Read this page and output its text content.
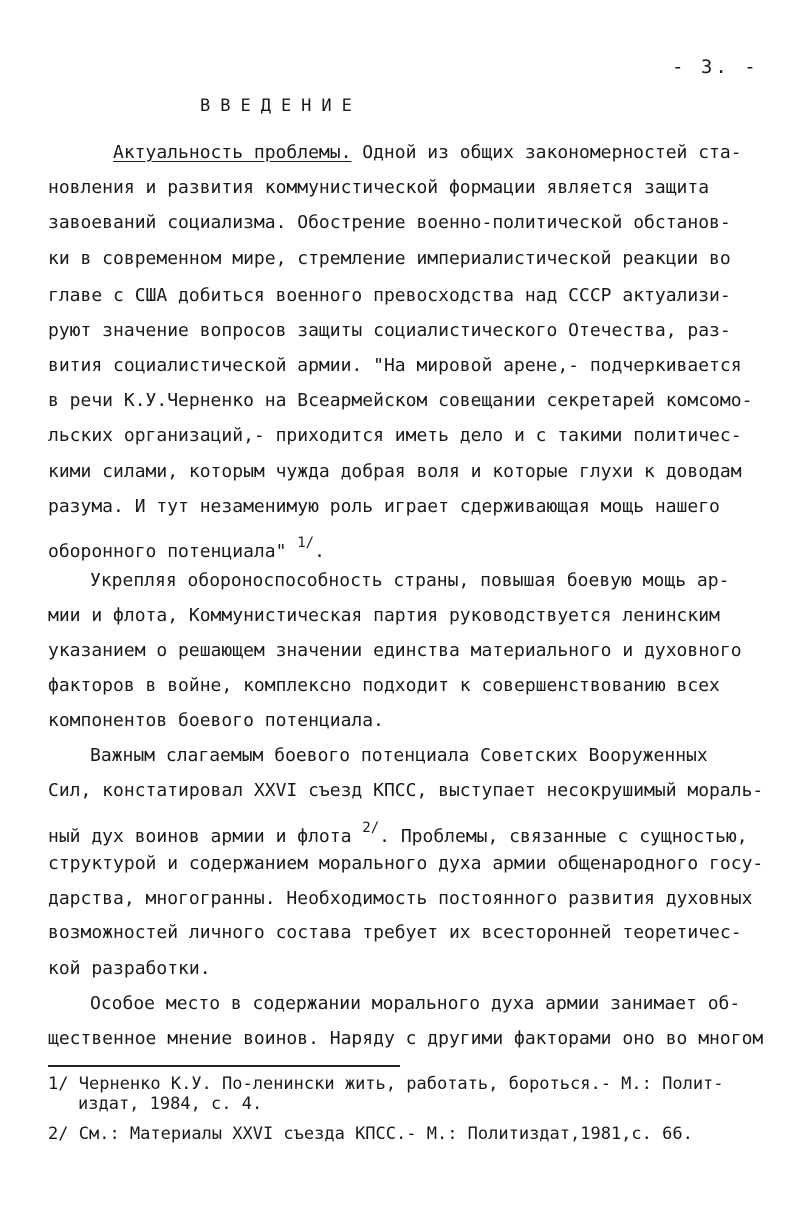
- 3. -
ВВЕДЕНИЕ
Актуальность проблемы. Одной из общих закономерностей ста-
новления и развития коммунистической формации является защита
завоеваний социализма. Обострение военно-политической обстанов-
ки в современном мире, стремление империалистической реакции во
главе с США добиться военного превосходства над СССР актуализи-
руют значение вопросов защиты социалистического Отечества, раз-
вития социалистической армии. "На мировой арене,- подчеркивается
в речи К.У.Черненко на Всеармейском совещании секретарей комсомо-
льских организаций,- приходится иметь дело и с такими политичес-
кими силами, которым чужда добрая воля и которые глухи к доводам
разума. И тут незаменимую роль играет сдерживающая мощь нашего
оборонного потенциала" $^{1/}$.
Укрепляя обороноспособность страны, повышая боевую мощь ар-
мии и флота, Коммунистическая партия руководствуется ленинским
указанием о решающем значении единства материального и духовного
факторов в войне, комплексно подходит к совершенствованию всех
компонентов боевого потенциала.
Важным слагаемым боевого потенциала Советских Вооруженных
Сил, констатировал ХХVI съезд КПСС, выступает несокрушимый мораль-
ный дух воинов армии и флота $^{2/}$. Проблемы, связанные с сущностью,
структурой и содержанием морального духа армии общенародного госу-
дарства, многогранны. Необходимость постоянного развития духовных
возможностей личного состава требует их всесторонней теоретичес-
кой разработки.
Особое место в содержании морального духа армии занимает об-
щественное мнение воинов. Наряду с другими факторами оно во многом
1/ Черненко К.У. По-ленински жить, работать, бороться.- М.: Полит-
издат, 1984, с. 4.
2/ См.: Материалы ХХVI съезда КПСС.- М.: Политиздат,1981,с. 66.
